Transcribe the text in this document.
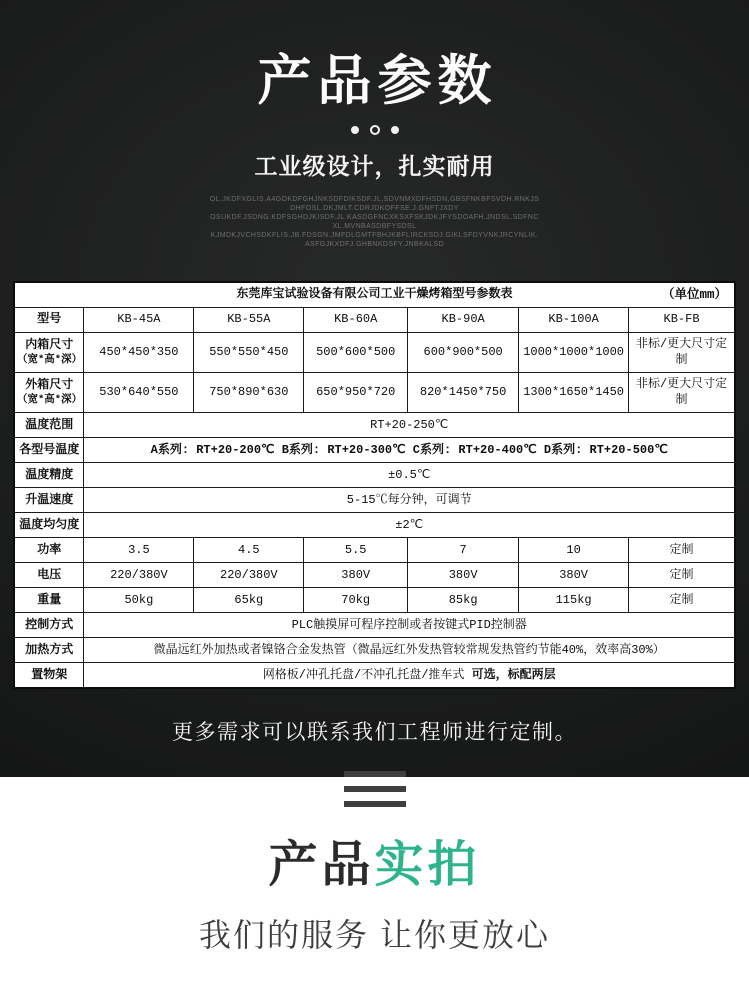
产品参数
工业级设计，扎实耐用
OL.JKDFXGLIS.A4GOKDFGHJNKSDFDIKSDF.JL,SDVNMXDFHSDN,GBSFNKBFSVDH.RNKJSDHFOSL.DKJMLT.CDRJDKOFFSE.J.GNFTJXDY
OSUKDF.JSDNG.KDFSGHDJKISDF.JL.KASDGFNCXKSXFSKJDKJFYSDOAFH.JNDSL.SDFNCXL.MVNBASDBFYSDSL
KJMDKJVCHSDKFLIS.JB.FDSGN.JMFDLGMTFBHJKBFLIRCKSDJ.GIKLSFDYVNKJRCYNLIK.ASFGJKXDFJ.GHBNKDSFY.JNBKALSD
东莞库宝试验设备有限公司工业干燥烤箱型号参数表 （单位mm）						

型号	KB-45A	KB-55A	KB-60A	KB-90A	KB-100A	KB-FB
内箱尺寸
（宽*高*深）	450*450*350	550*550*450	500*600*500	600*900*500	1000*1000*1000	非标/更大尺寸定制
外箱尺寸
（宽*高*深）	530*640*550	750*890*630	650*950*720	820*1450*750	1300*1650*1450	非标/更大尺寸定制
温度范围	RT+20-250℃					
各型号温度	A系列: RT+20-200℃ B系列: RT+20-300℃ C系列: RT+20-400℃ D系列: RT+20-500℃					
温度精度	±0.5℃					
升温速度	5-15℃每分钟，可调节					
温度均匀度	±2℃					
功率	3.5	4.5	5.5	7	10	定制
电压	220/380V	220/380V	380V	380V	380V	定制
重量	50kg	65kg	70kg	85kg	115kg	定制
控制方式	PLC触摸屏可程序控制或者按键式PID控制器					
加热方式	微晶远红外加热或者镍铬合金发热管（微晶远红外发热管较常规发热管约节能40%，效率高30%）					
置物架	网格板/冲孔托盘/不冲孔托盘/推车式 可选，标配两层					

更多需求可以联系我们工程师进行定制。

产品实拍

我们的服务 让你更放心
